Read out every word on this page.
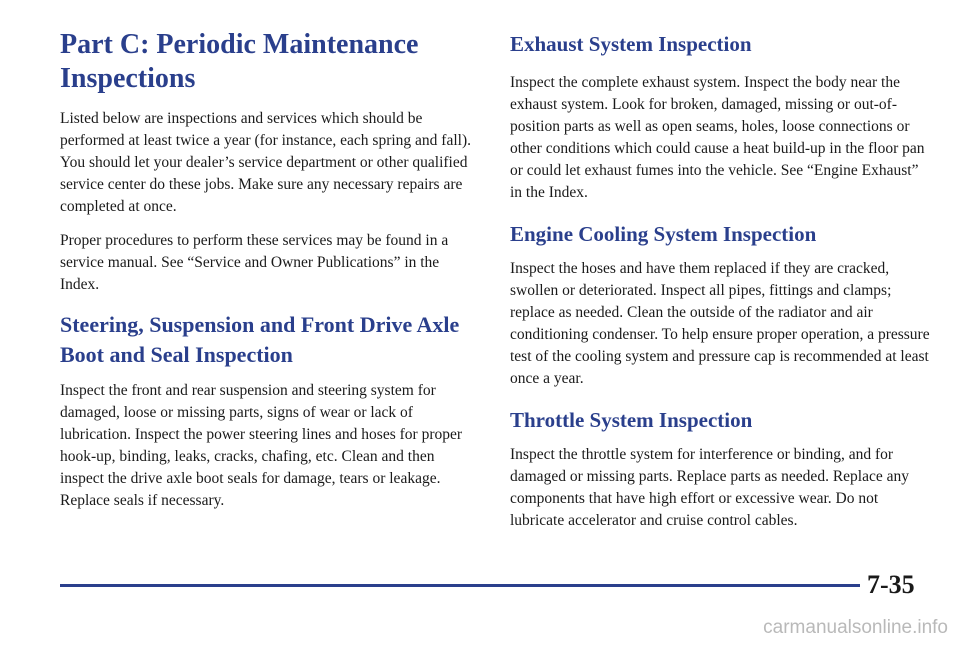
Part C: Periodic Maintenance Inspections

Listed below are inspections and services which should be performed at least twice a year (for instance, each spring and fall). You should let your dealer’s service department or other qualified service center do these jobs. Make sure any necessary repairs are completed at once.

Proper procedures to perform these services may be found in a service manual. See “Service and Owner Publications” in the Index.

Steering, Suspension and Front Drive Axle Boot and Seal Inspection

Inspect the front and rear suspension and steering system for damaged, loose or missing parts, signs of wear or lack of lubrication. Inspect the power steering lines and hoses for proper hook-up, binding, leaks, cracks, chafing, etc. Clean and then inspect the drive axle boot seals for damage, tears or leakage. Replace seals if necessary.

Exhaust System Inspection

Inspect the complete exhaust system. Inspect the body near the exhaust system. Look for broken, damaged, missing or out-of-position parts as well as open seams, holes, loose connections or other conditions which could cause a heat build-up in the floor pan or could let exhaust fumes into the vehicle. See “Engine Exhaust” in the Index.

Engine Cooling System Inspection

Inspect the hoses and have them replaced if they are cracked, swollen or deteriorated. Inspect all pipes, fittings and clamps; replace as needed. Clean the outside of the radiator and air conditioning condenser. To help ensure proper operation, a pressure test of the cooling system and pressure cap is recommended at least once a year.

Throttle System Inspection

Inspect the throttle system for interference or binding, and for damaged or missing parts. Replace parts as needed. Replace any components that have high effort or excessive wear. Do not lubricate accelerator and cruise control cables.

7-35
carmanualsonline.info
